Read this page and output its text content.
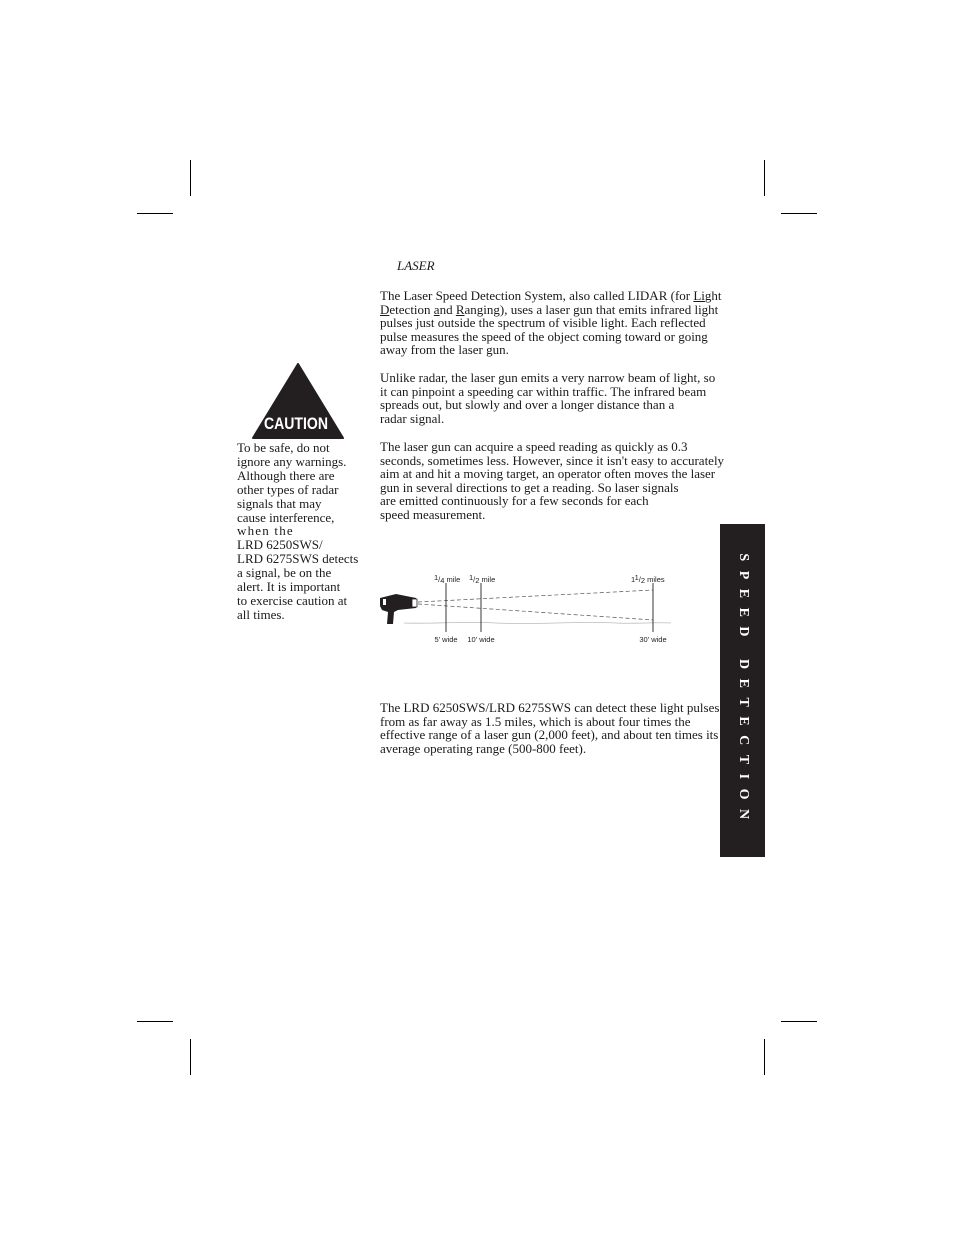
LASER

The Laser Speed Detection System, also called LIDAR (for Light
Detection and Ranging), uses a laser gun that emits infrared light
pulses just outside the spectrum of visible light. Each reflected
pulse measures the speed of the object coming toward or going
away from the laser gun.

Unlike radar, the laser gun emits a very narrow beam of light, so
it can pinpoint a speeding car within traffic. The infrared beam
spreads out, but slowly and over a longer distance than a
radar signal.

The laser gun can acquire a speed reading as quickly as 0.3
seconds, sometimes less. However, since it isn't easy to accurately
aim at and hit a moving target, an operator often moves the laser
gun in several directions to get a reading. So laser signals
are emitted continuously for a few seconds for each
speed measurement.

The LRD 6250SWS/LRD 6275SWS can detect these light pulses
from as far away as 1.5 miles, which is about four times the
effective range of a laser gun (2,000 feet), and about ten times its
average operating range (500-800 feet).

CAUTION

To be safe, do not
ignore any warnings.
Although there are
other types of radar
signals that may
cause interference,
when the
LRD 6250SWS/
LRD 6275SWS detects
a signal, be on the
alert. It is important
to exercise caution at
all times.

1/4 mile
5' wide
1/2 mile
10' wide
11/2 miles
30' wide	SPEED DETECTION
